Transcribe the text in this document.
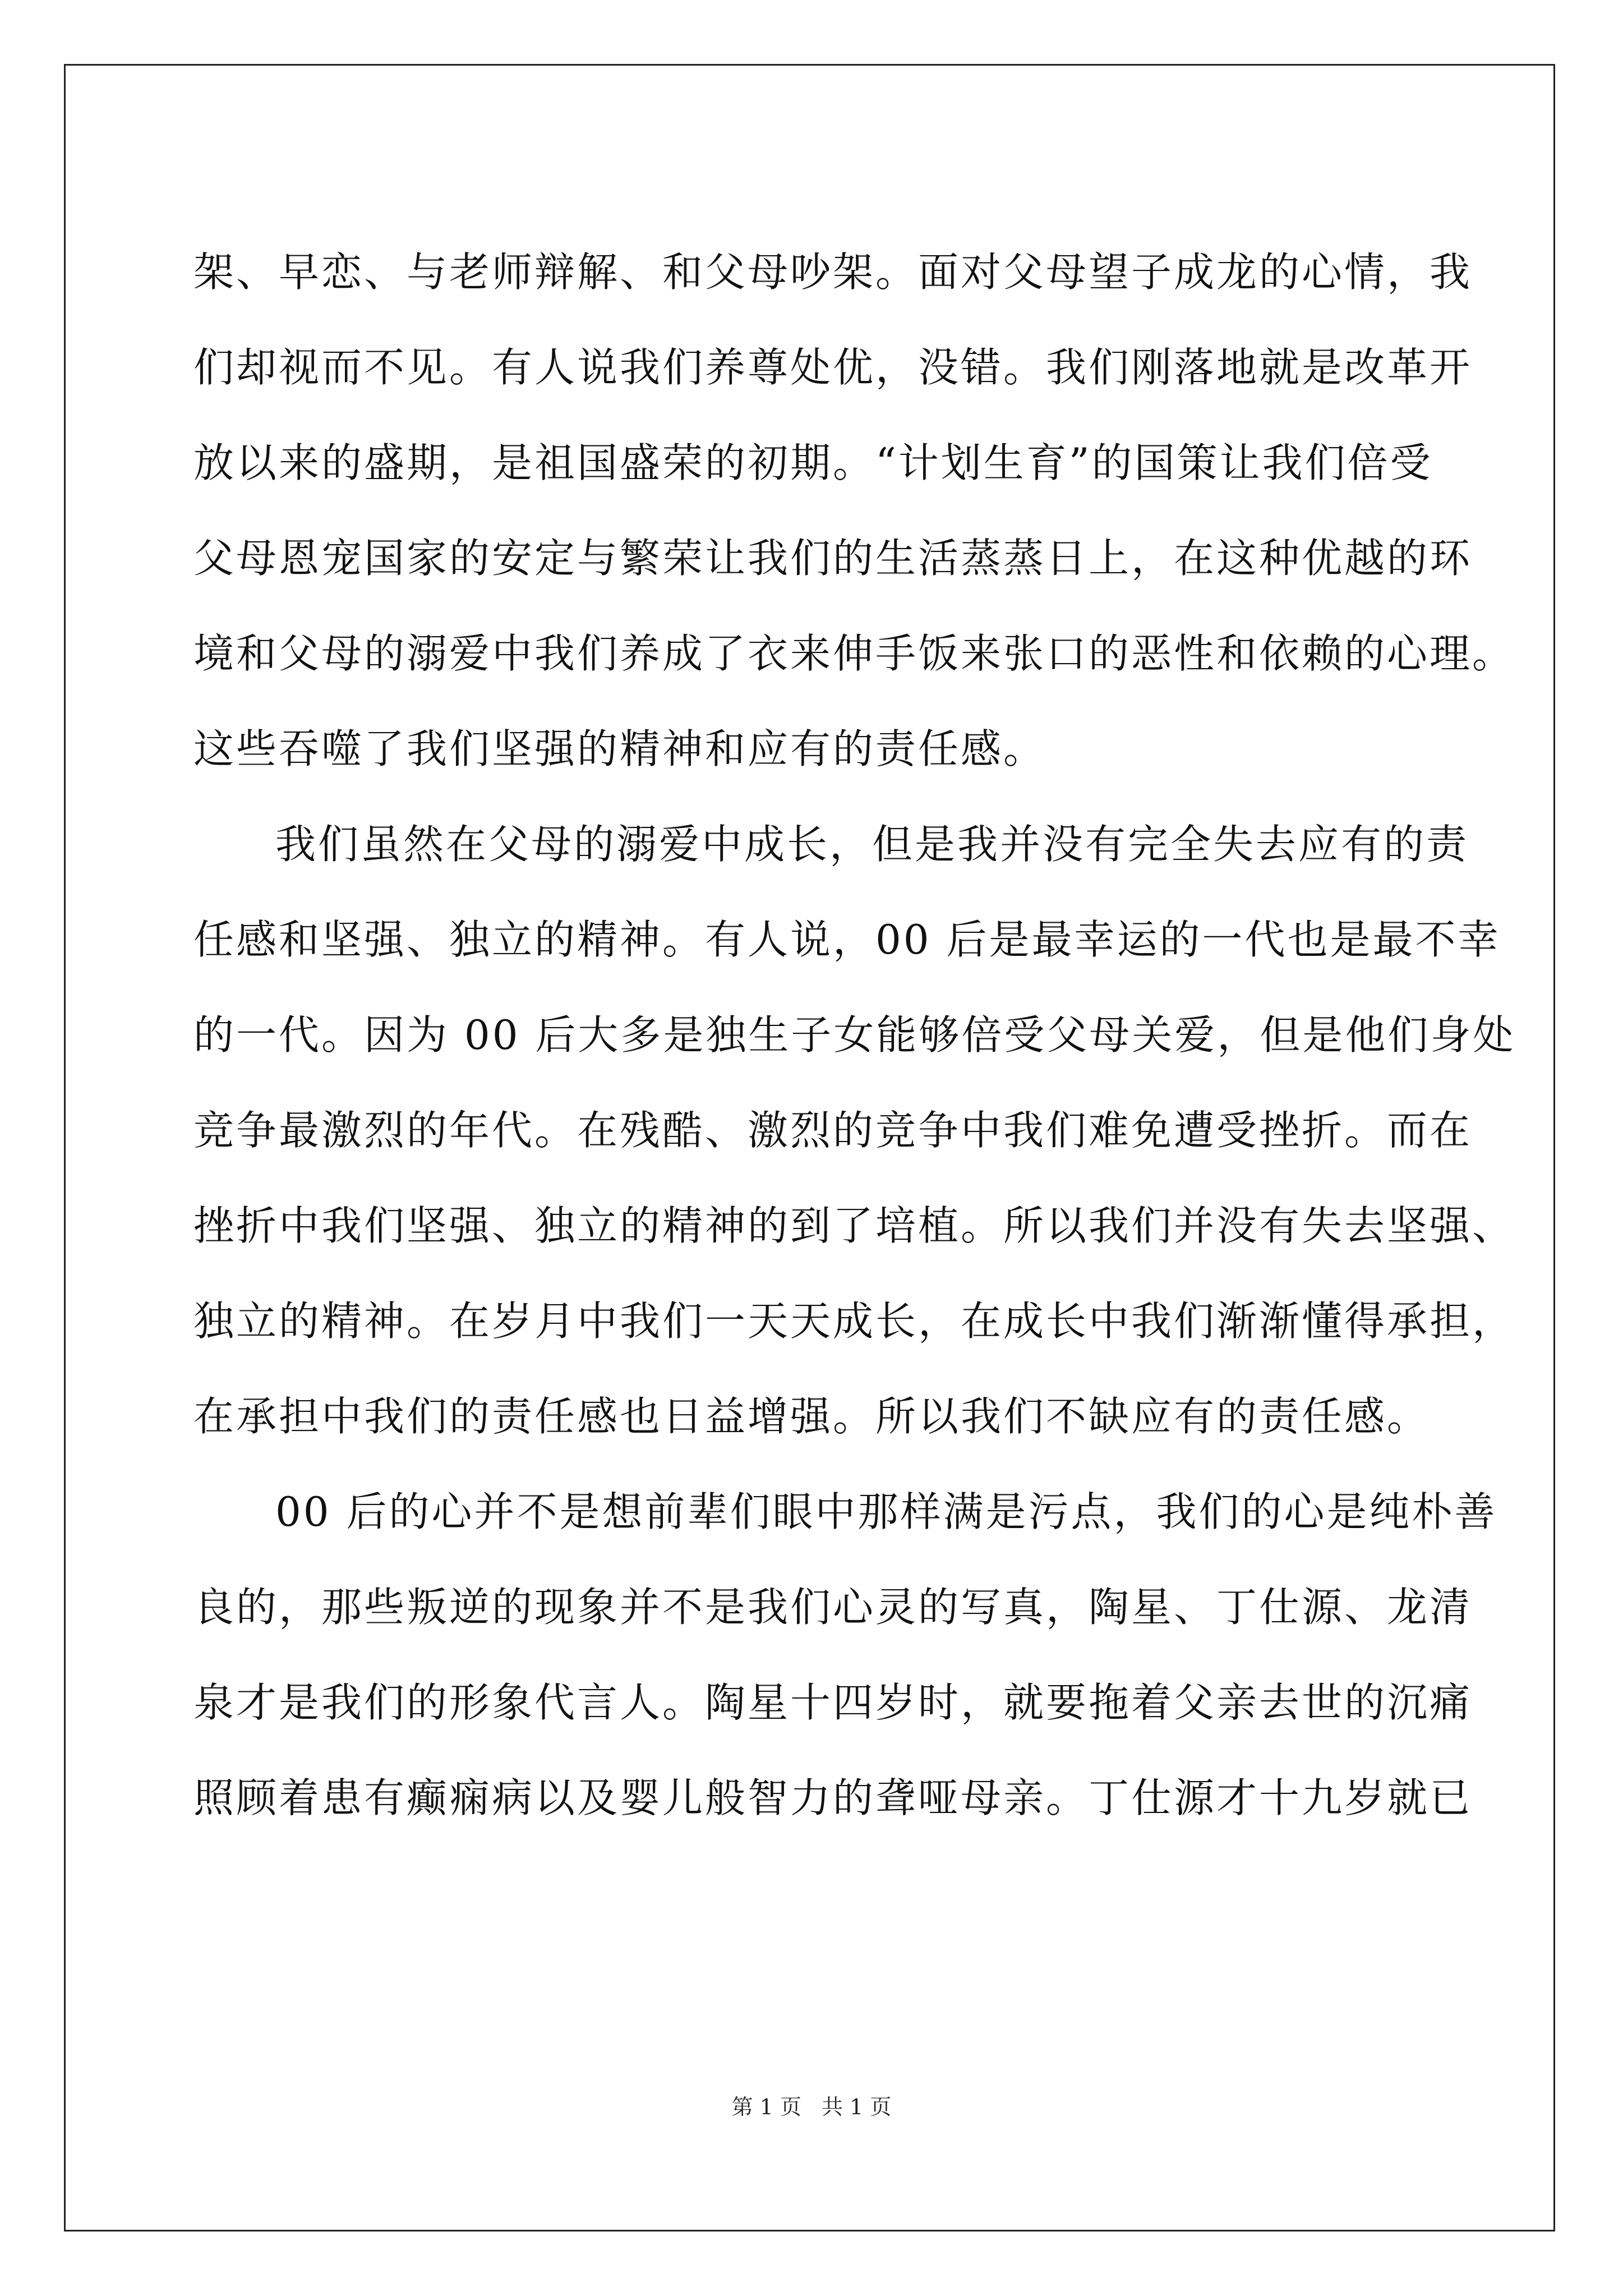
架、早恋、与老师辩解、和父母吵架。面对父母望子成龙的心情，我
们却视而不见。有人说我们养尊处优，没错。我们刚落地就是改革开
放以来的盛期，是祖国盛荣的初期。“计划生育”的国策让我们倍受
父母恩宠国家的安定与繁荣让我们的生活蒸蒸日上，在这种优越的环
境和父母的溺爱中我们养成了衣来伸手饭来张口的恶性和依赖的心理。
这些吞噬了我们坚强的精神和应有的责任感。
我们虽然在父母的溺爱中成长，但是我并没有完全失去应有的责
任感和坚强、独立的精神。有人说，00 后是最幸运的一代也是最不幸
的一代。因为 00 后大多是独生子女能够倍受父母关爱，但是他们身处
竞争最激烈的年代。在残酷、激烈的竞争中我们难免遭受挫折。而在
挫折中我们坚强、独立的精神的到了培植。所以我们并没有失去坚强、
独立的精神。在岁月中我们一天天成长，在成长中我们渐渐懂得承担，
在承担中我们的责任感也日益增强。所以我们不缺应有的责任感。
00 后的心并不是想前辈们眼中那样满是污点，我们的心是纯朴善
良的，那些叛逆的现象并不是我们心灵的写真，陶星、丁仕源、龙清
泉才是我们的形象代言人。陶星十四岁时，就要拖着父亲去世的沉痛
照顾着患有癫痫病以及婴儿般智力的聋哑母亲。丁仕源才十九岁就已
第 1 页 共 1 页
